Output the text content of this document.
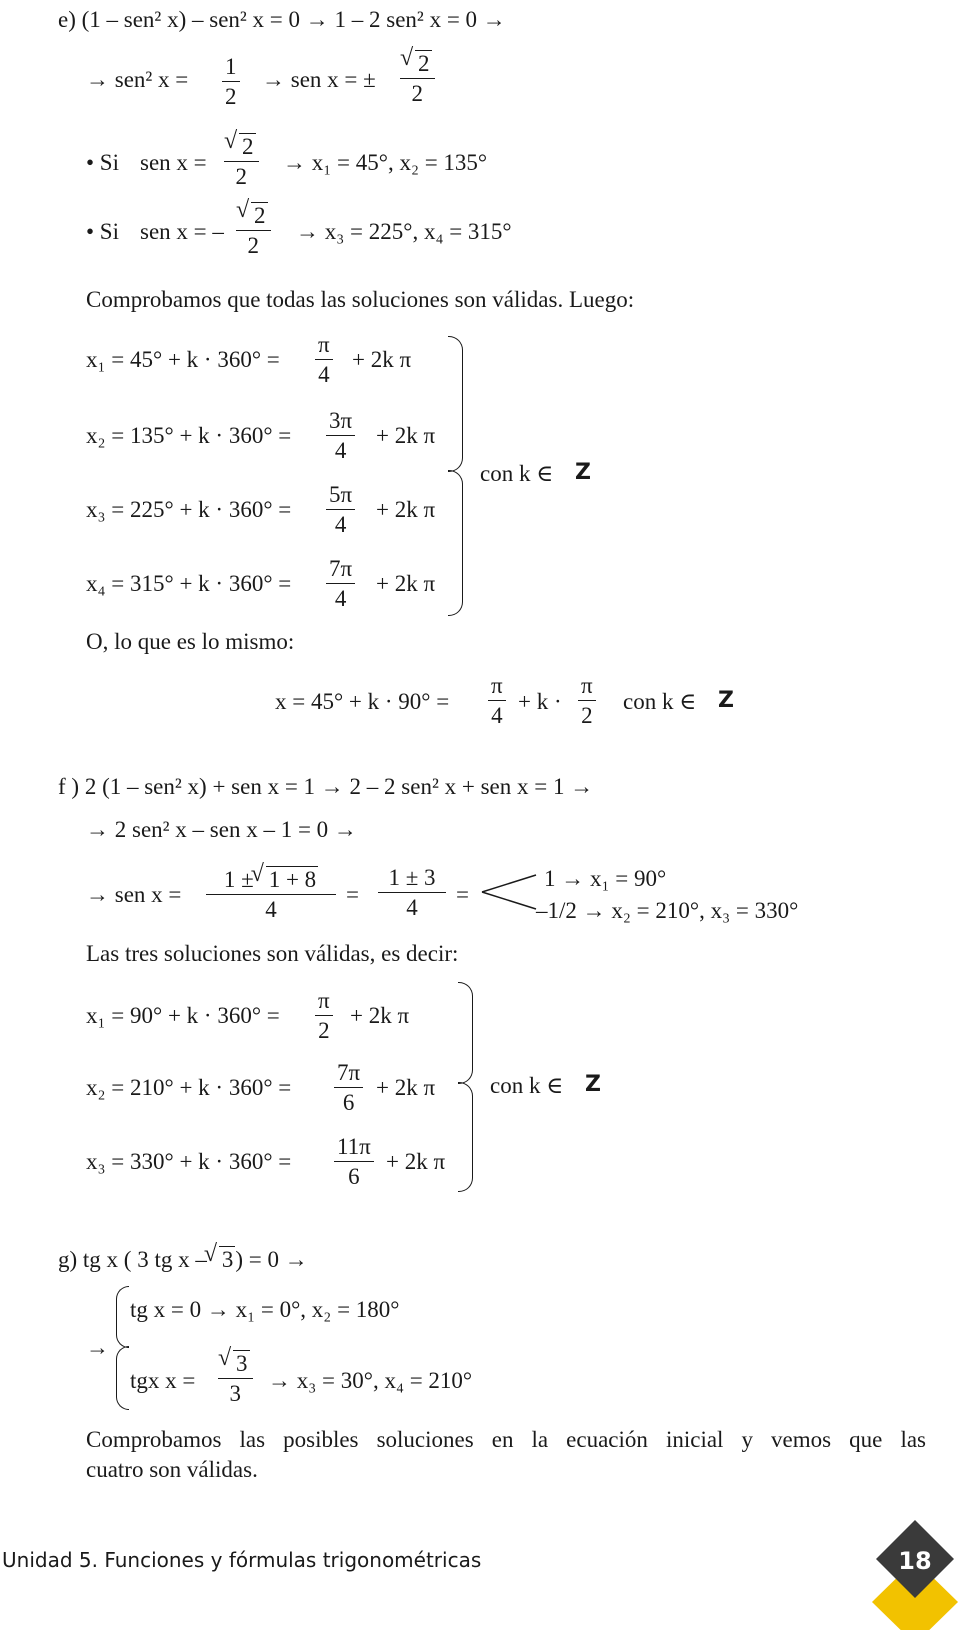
e) (1 – sen² x) – sen² x = 0 → 1 – 2 sen² x = 0 →
→ sen² $x = \frac{1}{2}$ → sen x = ± √ $\frac{2}{2}$
• Si sen x = √ $\frac{2}{2} \to x_1 = 45^\circ$, x₂ = 135°
• Si sen x = – √ $\frac{2}{2} \to x_3 = 225^\circ$, x₄ = 315°
Comprobamos que todas las soluciones son válidas. Luego:
$x_1 = 45^\circ + k \cdot 360^\circ = \frac{\pi}{4} + 2k$ π
$x_2 = 135^\circ + k \cdot 360^\circ = \frac{3\pi}{4} + 2k$ π
$x_3 = 225^\circ + k \cdot 360^\circ = \frac{5\pi}{4} + 2k$ π
$x_4 = 315^\circ + k \cdot 360^\circ = \frac{7\pi}{4} + 2k$ π
con k ∈ Z
O, lo que es lo mismo:
$x = 45^\circ + k \cdot 90^\circ = \frac{\pi}{4} + k \cdot \frac{\pi}{2}$ con k ∈ Z
f ) 2 (1 – sen² x) + sen x = 1 → 2 – 2 sen² x + sen x = 1 →
→ 2 sen² x – sen x – 1 = 0 →
→ sen $x = \frac{1 \pm √ 1 + 8}{4} = \frac{1 \pm 3}{4}$ =
1 → x₁ = 90°
–1/2 → x₂ = 210°, x₃ = 330°
Las tres soluciones son válidas, es decir:
$x_1 = 90^\circ + k \cdot 360^\circ = \frac{\pi}{2} + 2k$ π
$x_2 = 210^\circ + k \cdot 360^\circ = \frac{7\pi}{6} + 2k$ π
$x_3 = 330^\circ + k \cdot 360^\circ = \frac{11\pi}{6} + 2k$ π
con k ∈ Z
g) tg x ( 3 tg x – √ 3) = 0 →
→
tg x = 0 → x₁ = 0°, x₂ = 180°
tgx x = √ $\frac{3}{3} \to x_3 = 30^\circ$, x₄ = 210°
Comprobamos las posibles soluciones en la ecuación inicial y vemos que las
cuatro son válidas.
Unidad 5. Funciones y fórmulas trigonométricas	18
